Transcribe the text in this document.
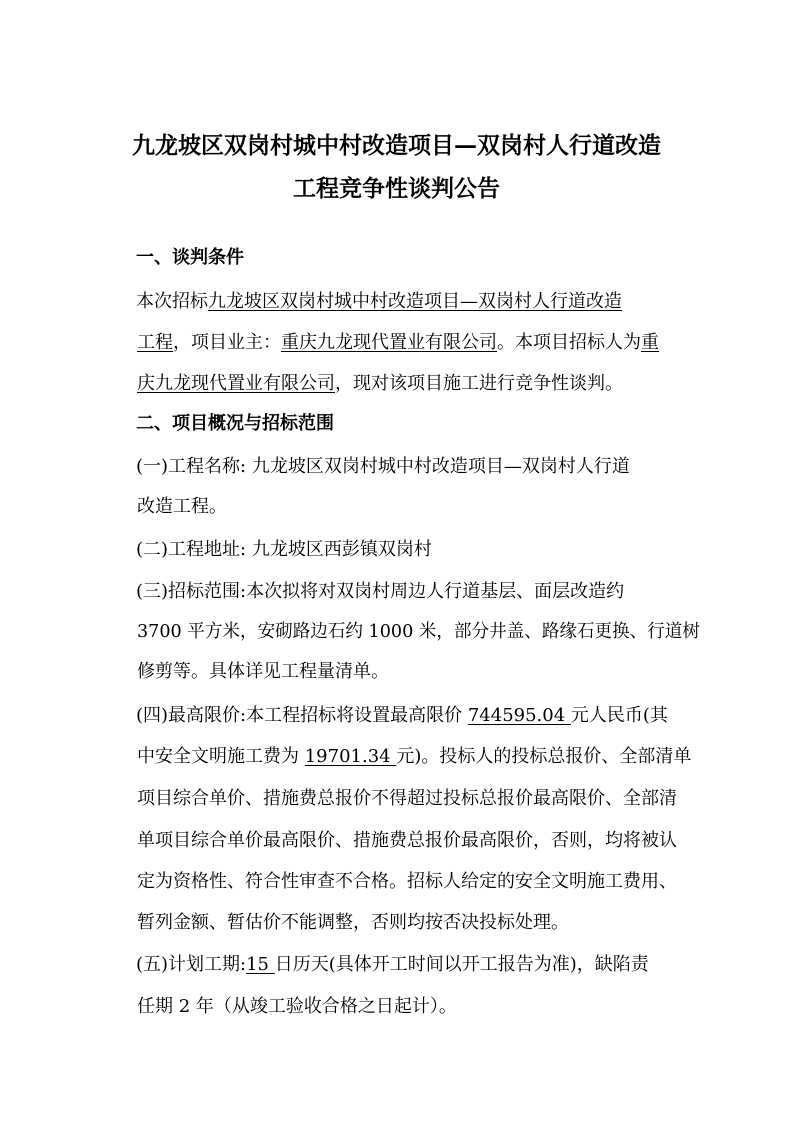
九龙坡区双岗村城中村改造项目—双岗村人行道改造
工程竞争性谈判公告

一、谈判条件

本次招标九龙坡区双岗村城中村改造项目—双岗村人行道改造

工程，项目业主：重庆九龙现代置业有限公司。本项目招标人为重

庆九龙现代置业有限公司，现对该项目施工进行竞争性谈判。

二、项目概况与招标范围

(一)工程名称: 九龙坡区双岗村城中村改造项目—双岗村人行道

改造工程。

(二)工程地址: 九龙坡区西彭镇双岗村

(三)招标范围:本次拟将对双岗村周边人行道基层、面层改造约

3700 平方米，安砌路边石约 1000 米，部分井盖、路缘石更换、行道树

修剪等。具体详见工程量清单。

(四)最高限价:本工程招标将设置最高限价 744595.04 元人民币(其

中安全文明施工费为 19701.34 元)。投标人的投标总报价、全部清单

项目综合单价、措施费总报价不得超过投标总报价最高限价、全部清

单项目综合单价最高限价、措施费总报价最高限价，否则，均将被认

定为资格性、符合性审查不合格。招标人给定的安全文明施工费用、

暂列金额、暂估价不能调整，否则均按否决投标处理。

(五)计划工期:15 日历天(具体开工时间以开工报告为准)，缺陷责

任期 2 年（从竣工验收合格之日起计）。
